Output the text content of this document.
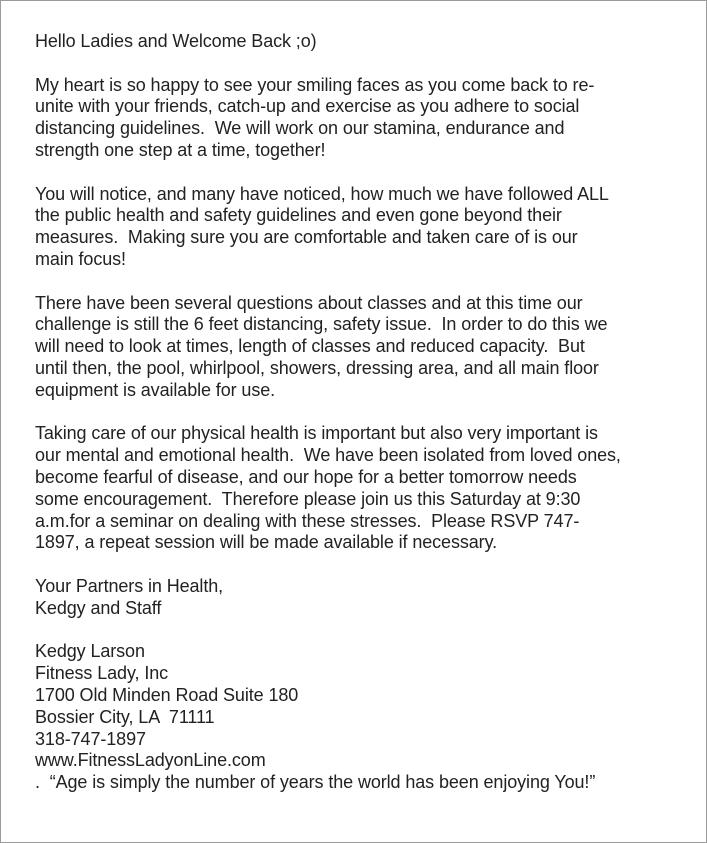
Hello Ladies and Welcome Back ;o)

My heart is so happy to see your smiling faces as you come back to re-
unite with your friends, catch-up and exercise as you adhere to social
distancing guidelines.  We will work on our stamina, endurance and
strength one step at a time, together!

You will notice, and many have noticed, how much we have followed ALL
the public health and safety guidelines and even gone beyond their
measures.  Making sure you are comfortable and taken care of is our
main focus!

There have been several questions about classes and at this time our
challenge is still the 6 feet distancing, safety issue.  In order to do this we
will need to look at times, length of classes and reduced capacity.  But
until then, the pool, whirlpool, showers, dressing area, and all main floor
equipment is available for use.

Taking care of our physical health is important but also very important is
our mental and emotional health.  We have been isolated from loved ones,
become fearful of disease, and our hope for a better tomorrow needs
some encouragement.  Therefore please join us this Saturday at 9:30
a.m.for a seminar on dealing with these stresses.  Please RSVP 747-
1897, a repeat session will be made available if necessary.

Your Partners in Health,
Kedgy and Staff
Kedgy Larson
Fitness Lady, Inc
1700 Old Minden Road Suite 180
Bossier City, LA  71111
318-747-1897
www.FitnessLadyonLine.com
.  “Age is simply the number of years the world has been enjoying You!”
